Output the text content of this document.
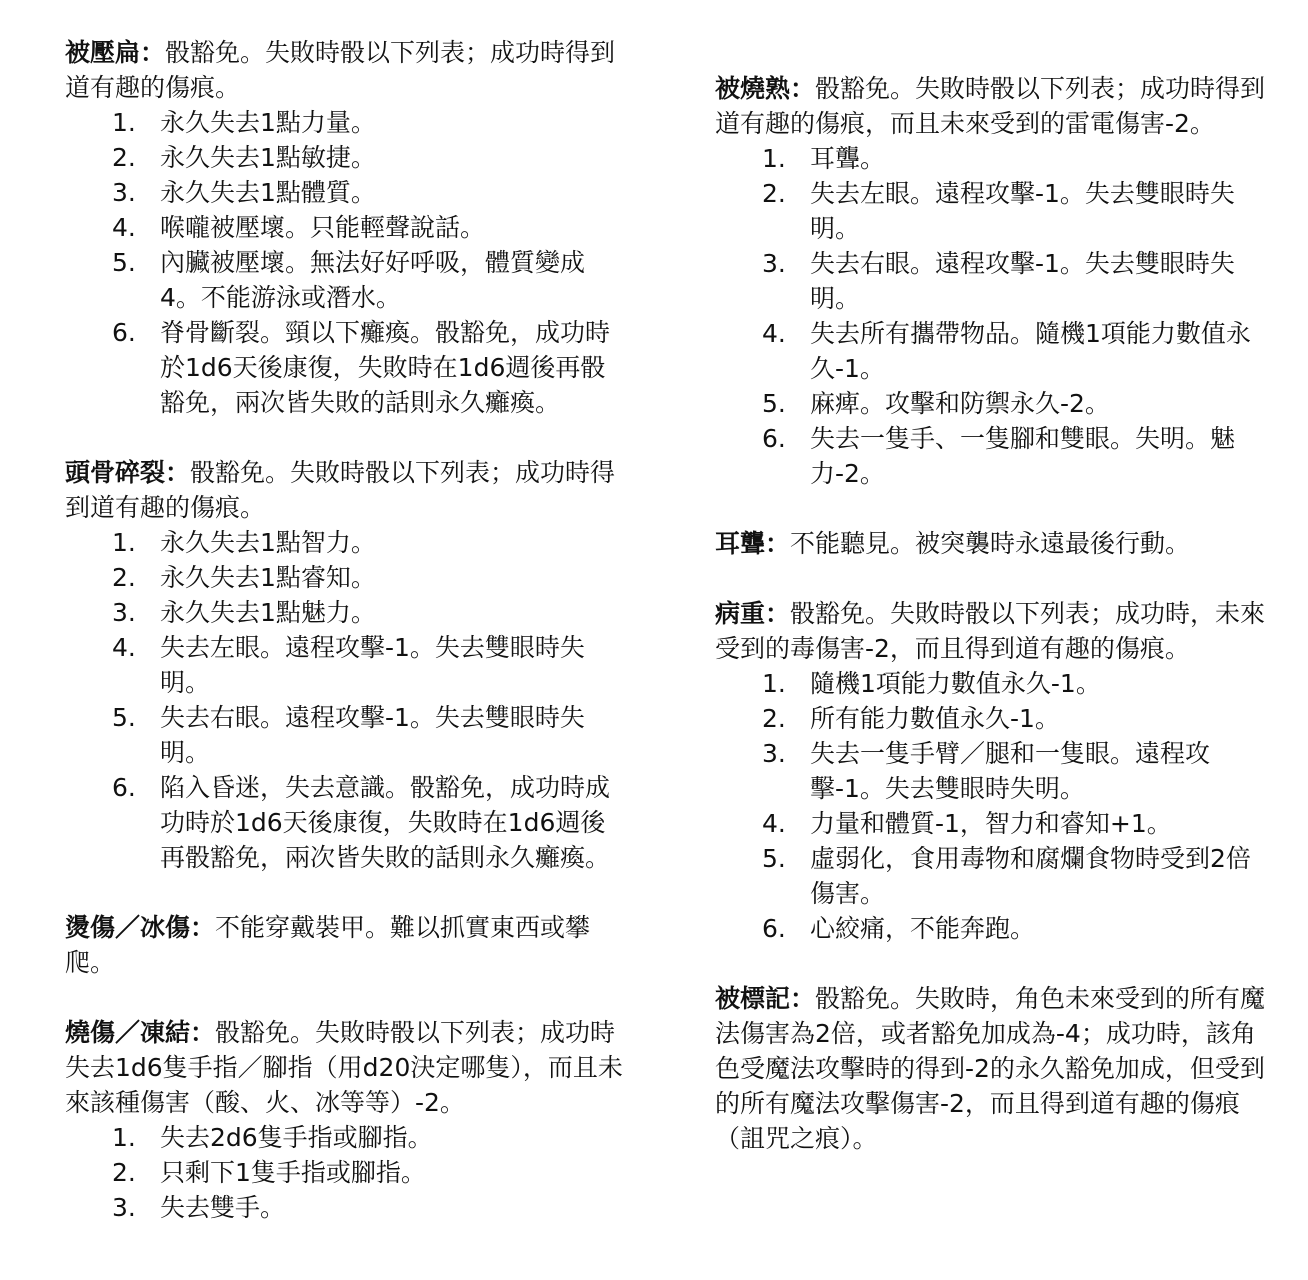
被壓扁：骰豁免。失敗時骰以下列表；成功時得到道有趣的傷痕。

1. 永久失去1點力量。
2. 永久失去1點敏捷。
3. 永久失去1點體質。
4. 喉嚨被壓壞。只能輕聲說話。
5. 內臟被壓壞。無法好好呼吸，體質變成4。不能游泳或潛水。
6. 脊骨斷裂。頸以下癱瘓。骰豁免，成功時於1d6天後康復，失敗時在1d6週後再骰豁免，兩次皆失敗的話則永久癱瘓。

頭骨碎裂：骰豁免。失敗時骰以下列表；成功時得到道有趣的傷痕。

1. 永久失去1點智力。
2. 永久失去1點睿知。
3. 永久失去1點魅力。
4. 失去左眼。遠程攻擊-1。失去雙眼時失明。
5. 失去右眼。遠程攻擊-1。失去雙眼時失明。
6. 陷入昏迷，失去意識。骰豁免，成功時成功時於1d6天後康復，失敗時在1d6週後再骰豁免，兩次皆失敗的話則永久癱瘓。

燙傷／冰傷：不能穿戴裝甲。難以抓實東西或攀爬。

燒傷／凍結：骰豁免。失敗時骰以下列表；成功時失去1d6隻手指／腳指（用d20決定哪隻），而且未來該種傷害（酸、火、冰等等）-2。

1. 失去2d6隻手指或腳指。
2. 只剩下1隻手指或腳指。
3. 失去雙手。

被燒熟：骰豁免。失敗時骰以下列表；成功時得到道有趣的傷痕，而且未來受到的雷電傷害-2。

1. 耳聾。
2. 失去左眼。遠程攻擊-1。失去雙眼時失明。
3. 失去右眼。遠程攻擊-1。失去雙眼時失明。
4. 失去所有攜帶物品。隨機1項能力數值永久-1。
5. 麻痺。攻擊和防禦永久-2。
6. 失去一隻手、一隻腳和雙眼。失明。魅力-2。

耳聾：不能聽見。被突襲時永遠最後行動。

病重：骰豁免。失敗時骰以下列表；成功時，未來受到的毒傷害-2，而且得到道有趣的傷痕。

1. 隨機1項能力數值永久-1。
2. 所有能力數值永久-1。
3. 失去一隻手臂／腿和一隻眼。遠程攻擊-1。失去雙眼時失明。
4. 力量和體質-1，智力和睿知+1。
5. 虛弱化，食用毒物和腐爛食物時受到2倍傷害。
6. 心絞痛，不能奔跑。

被標記：骰豁免。失敗時，角色未來受到的所有魔法傷害為2倍，或者豁免加成為-4；成功時，該角色受魔法攻擊時的得到-2的永久豁免加成，但受到的所有魔法攻擊傷害-2，而且得到道有趣的傷痕（詛咒之痕）。
